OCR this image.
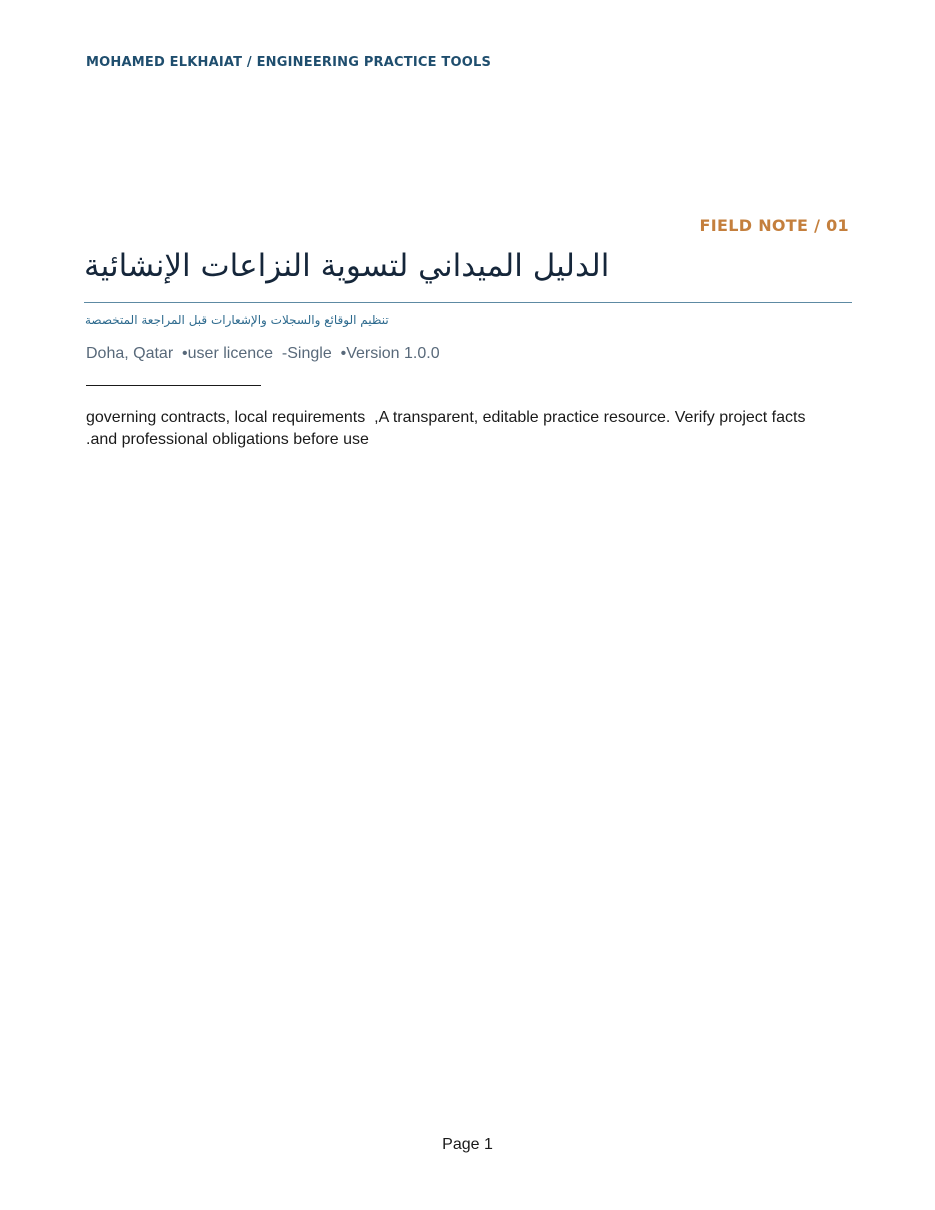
MOHAMED ELKHAIAT / ENGINEERING PRACTICE TOOLS
FIELD NOTE / 01
الدليل الميداني لتسوية النزاعات الإنشائية
تنظيم الوقائع والسجلات والإشعارات قبل المراجعة المتخصصة
Doha, Qatar  •user licence  -Single  •Version 1.0.0
governing contracts, local requirements  ,A transparent, editable practice resource. Verify project facts
.and professional obligations before use
Page 1
